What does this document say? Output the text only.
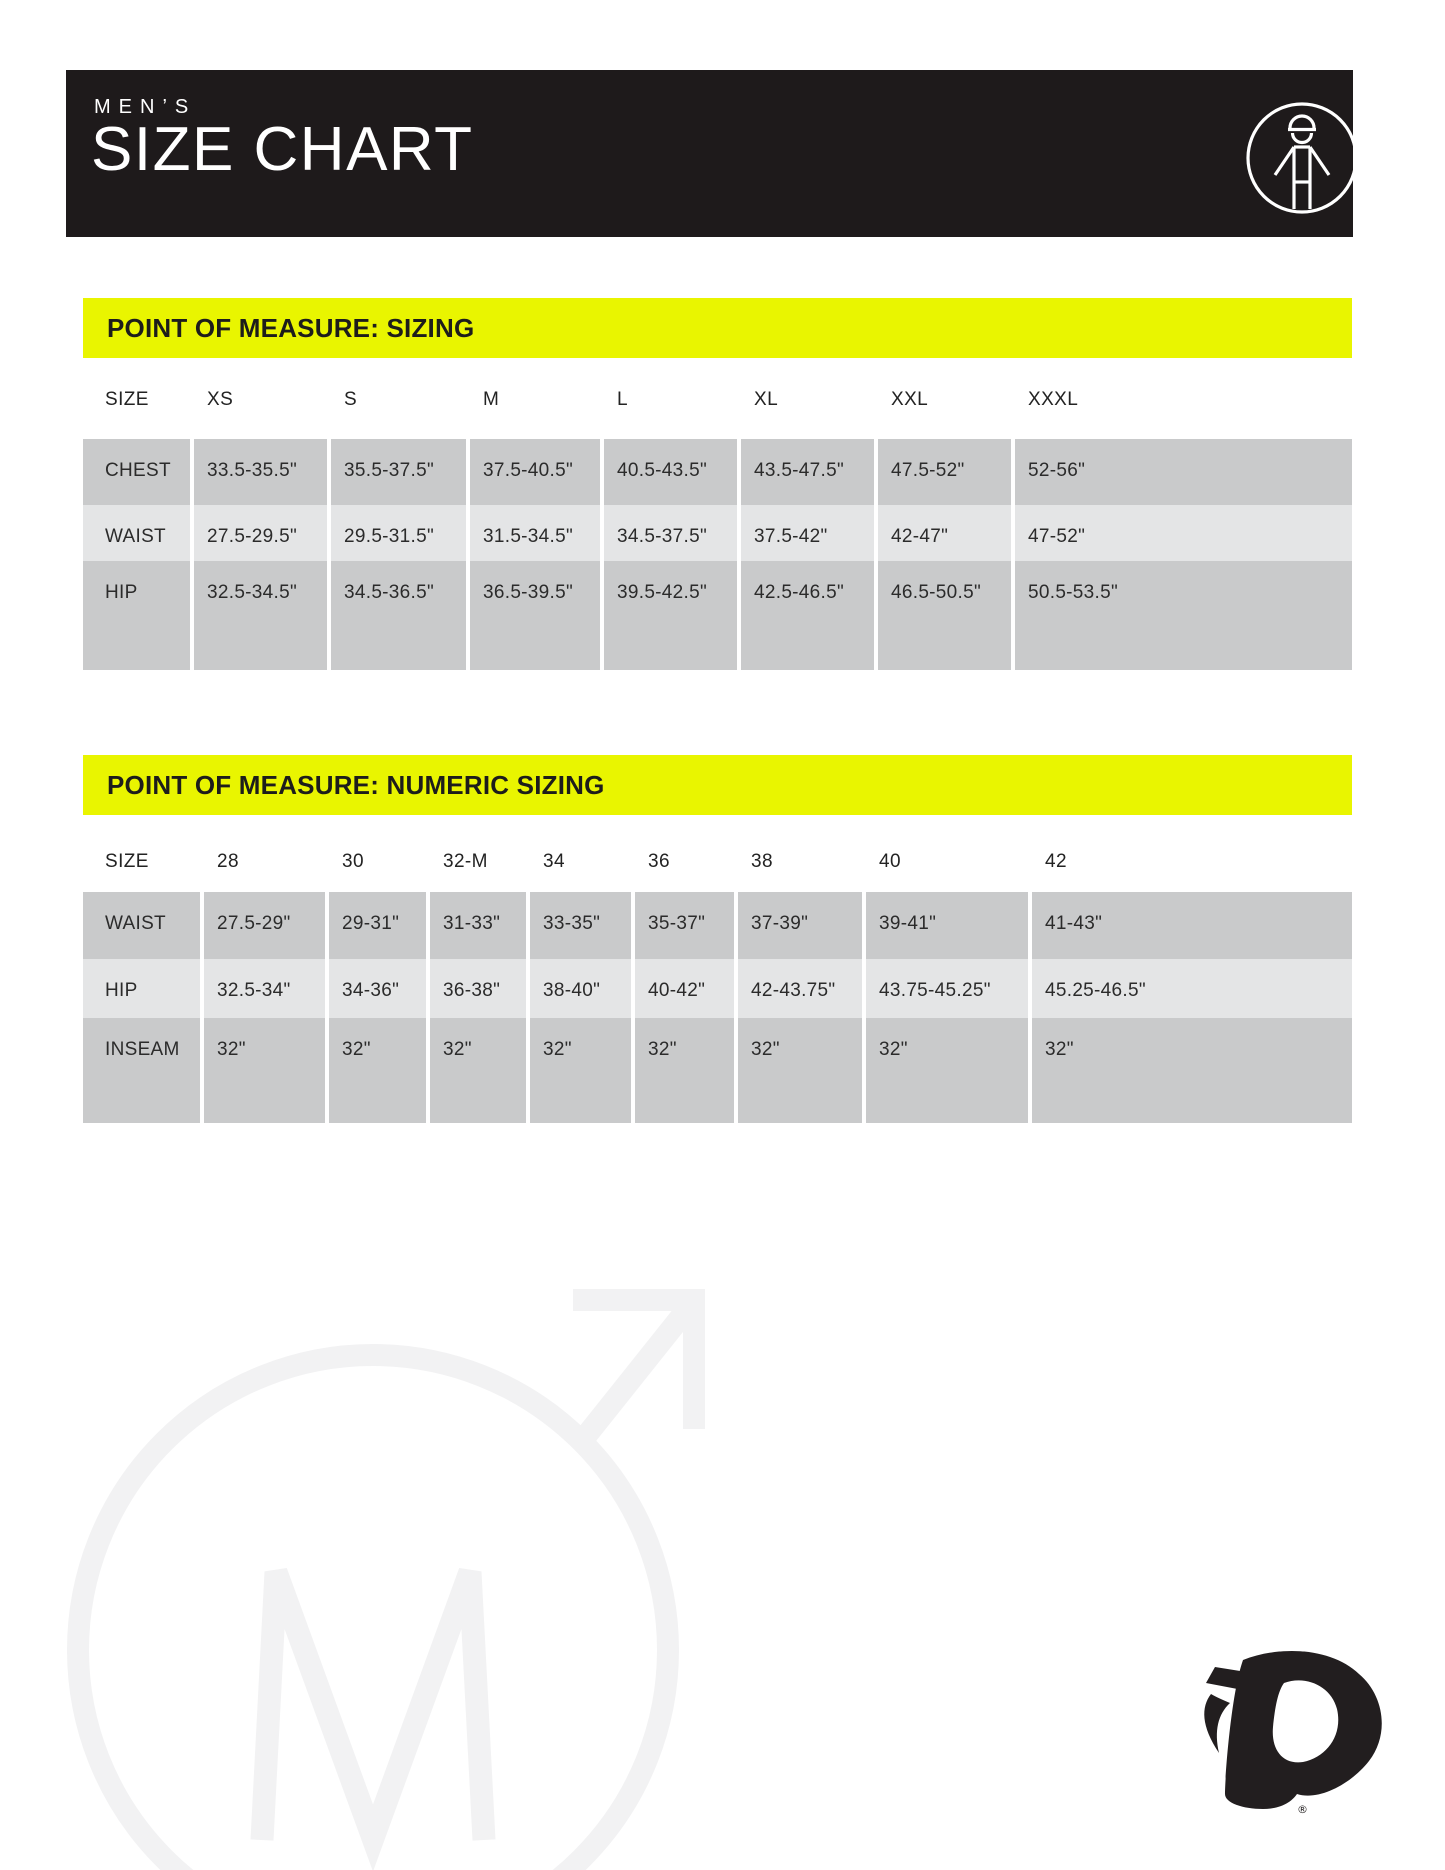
MEN’S
SIZE CHART
POINT OF MEASURE: SIZING
SIZE	XS	S	M	L	XL	XXL	XXXL
CHEST	33.5-35.5"	35.5-37.5"	37.5-40.5"	40.5-43.5"	43.5-47.5"	47.5-52"	52-56"
WAIST	27.5-29.5"	29.5-31.5"	31.5-34.5"	34.5-37.5"	37.5-42"	42-47"	47-52"
HIP	32.5-34.5"	34.5-36.5"	36.5-39.5"	39.5-42.5"	42.5-46.5"	46.5-50.5"	50.5-53.5"
POINT OF MEASURE: NUMERIC SIZING
SIZE	28	30	32-M	34	36	38	40	42
WAIST	27.5-29"	29-31"	31-33"	33-35"	35-37"	37-39"	39-41"	41-43"
HIP	32.5-34"	34-36"	36-38"	38-40"	40-42"	42-43.75"	43.75-45.25"	45.25-46.5"
INSEAM	32"	32"	32"	32"	32"	32"	32"	32"
®
